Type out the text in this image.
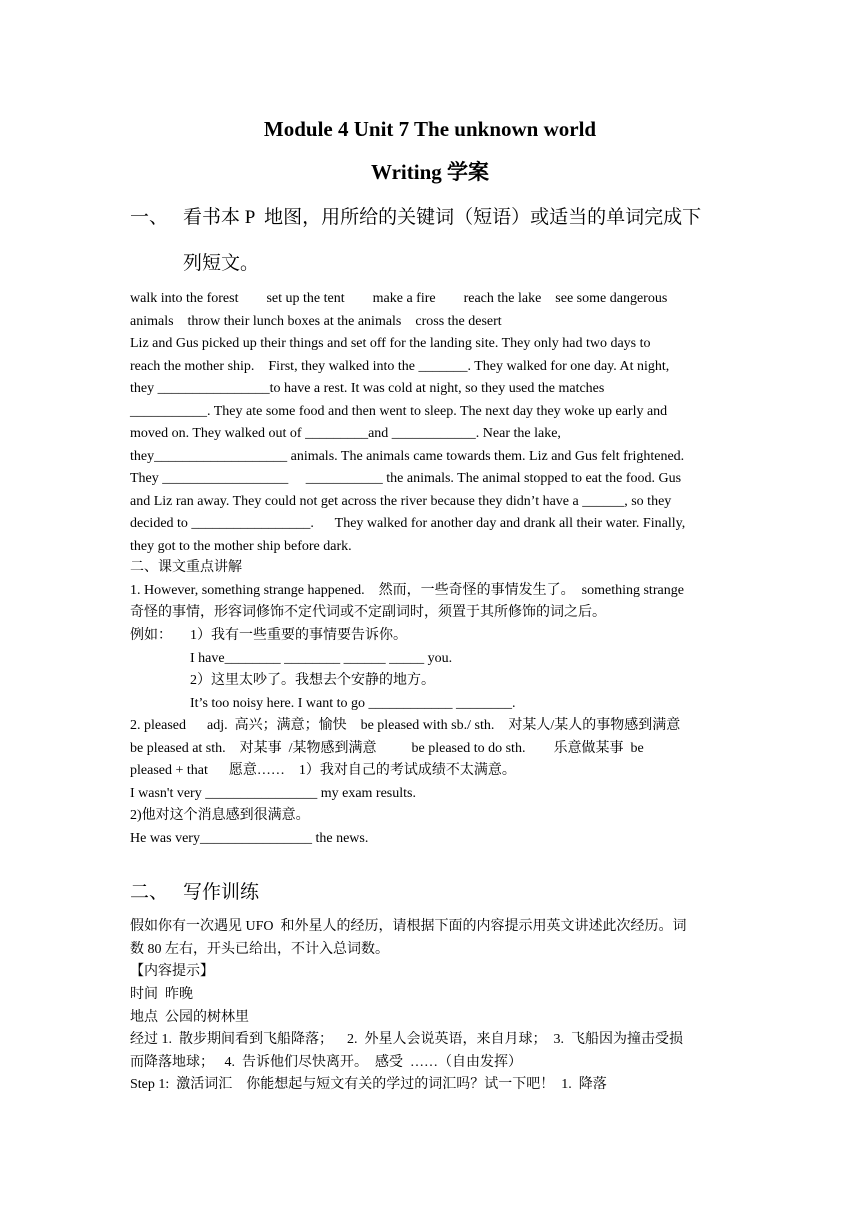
Module 4 Unit 7 The unknown world
Writing 学案
一、 看书本 P  地图，用所给的关键词（短语）或适当的单词完成下
列短文。
walk into the forest        set up the tent        make a fire        reach the lake    see some dangerous
animals    throw their lunch boxes at the animals    cross the desert
Liz and Gus picked up their things and set off for the landing site. They only had two days to
reach the mother ship.    First, they walked into the _______. They walked for one day. At night,
they ________________to have a rest. It was cold at night, so they used the matches
___________. They ate some food and then went to sleep. The next day they woke up early and
moved on. They walked out of _________and ____________. Near the lake,
they___________________ animals. The animals came towards them. Liz and Gus felt frightened.
They __________________     ___________ the animals. The animal stopped to eat the food. Gus
and Liz ran away. They could not get across the river because they didn’t have a ______, so they
decided to _________________.      They walked for another day and drank all their water. Finally,
they got to the mother ship before dark.
二、课文重点讲解
1. However, something strange happened.    然而，一些奇怪的事情发生了。  something strange
奇怪的事情，形容词修饰不定代词或不定副词时，须置于其所修饰的词之后。
例如： 1）我有一些重要的事情要告诉你。
I have________ ________ ______ _____ you.
2）这里太吵了。我想去个安静的地方。
It’s too noisy here. I want to go ____________ ________.
2. pleased      adj.  高兴；满意；愉快    be pleased with sb./ sth.    对某人/某人的事物感到满意
be pleased at sth.    对某事  /某物感到满意          be pleased to do sth.        乐意做某事  be
pleased + that      愿意……    1）我对自己的考试成绩不太满意。
I wasn't very ________________ my exam results.
2)他对这个消息感到很满意。
He was very________________ the news.
二、 写作训练
假如你有一次遇见 UFO  和外星人的经历，请根据下面的内容提示用英文讲述此次经历。词
数 80 左右，开头已给出，不计入总词数。
【内容提示】
时间  昨晚
地点  公园的树林里
经过 1.  散步期间看到飞船降落；    2.  外星人会说英语，来自月球；  3.  飞船因为撞击受损
而降落地球；   4.  告诉他们尽快离开。  感受  ……（自由发挥）
Step 1:  激活词汇    你能想起与短文有关的学过的词汇吗？试一下吧！  1.  降落
